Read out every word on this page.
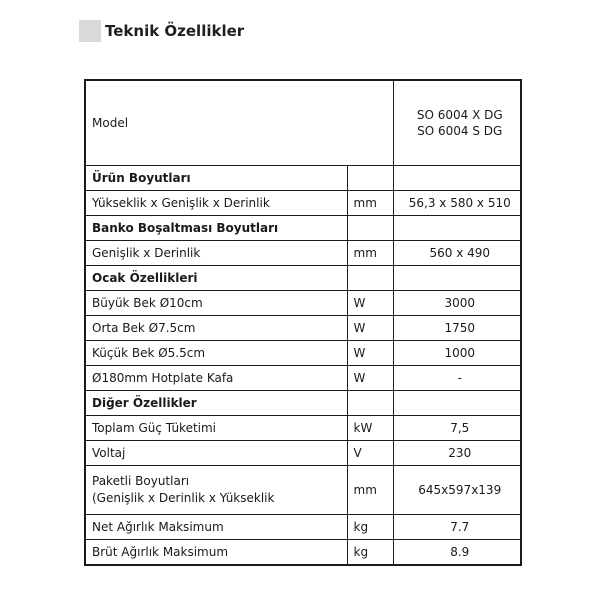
Teknik Özellikler
Model		SO 6004 X DG
SO 6004 S DG

Ürün Boyutları		
Yükseklik x Genişlik x Derinlik	mm	56,3 x 580 x 510
Banko Boşaltması Boyutları		
Genişlik x Derinlik	mm	560 x 490
Ocak Özellikleri		
Büyük Bek Ø10cm	W	3000
Orta Bek Ø7.5cm	W	1750
Küçük Bek Ø5.5cm	W	1000
Ø180mm Hotplate Kafa	W	-
Diğer Özellikler		
Toplam Güç Tüketimi	kW	7,5
Voltaj	V	230

Paketli Boyutları
(Genişlik x Derinlik x Yükseklik	mm	645x597x139
Net Ağırlık Maksimum	kg	7.7
Brüt Ağırlık Maksimum	kg	8.9
